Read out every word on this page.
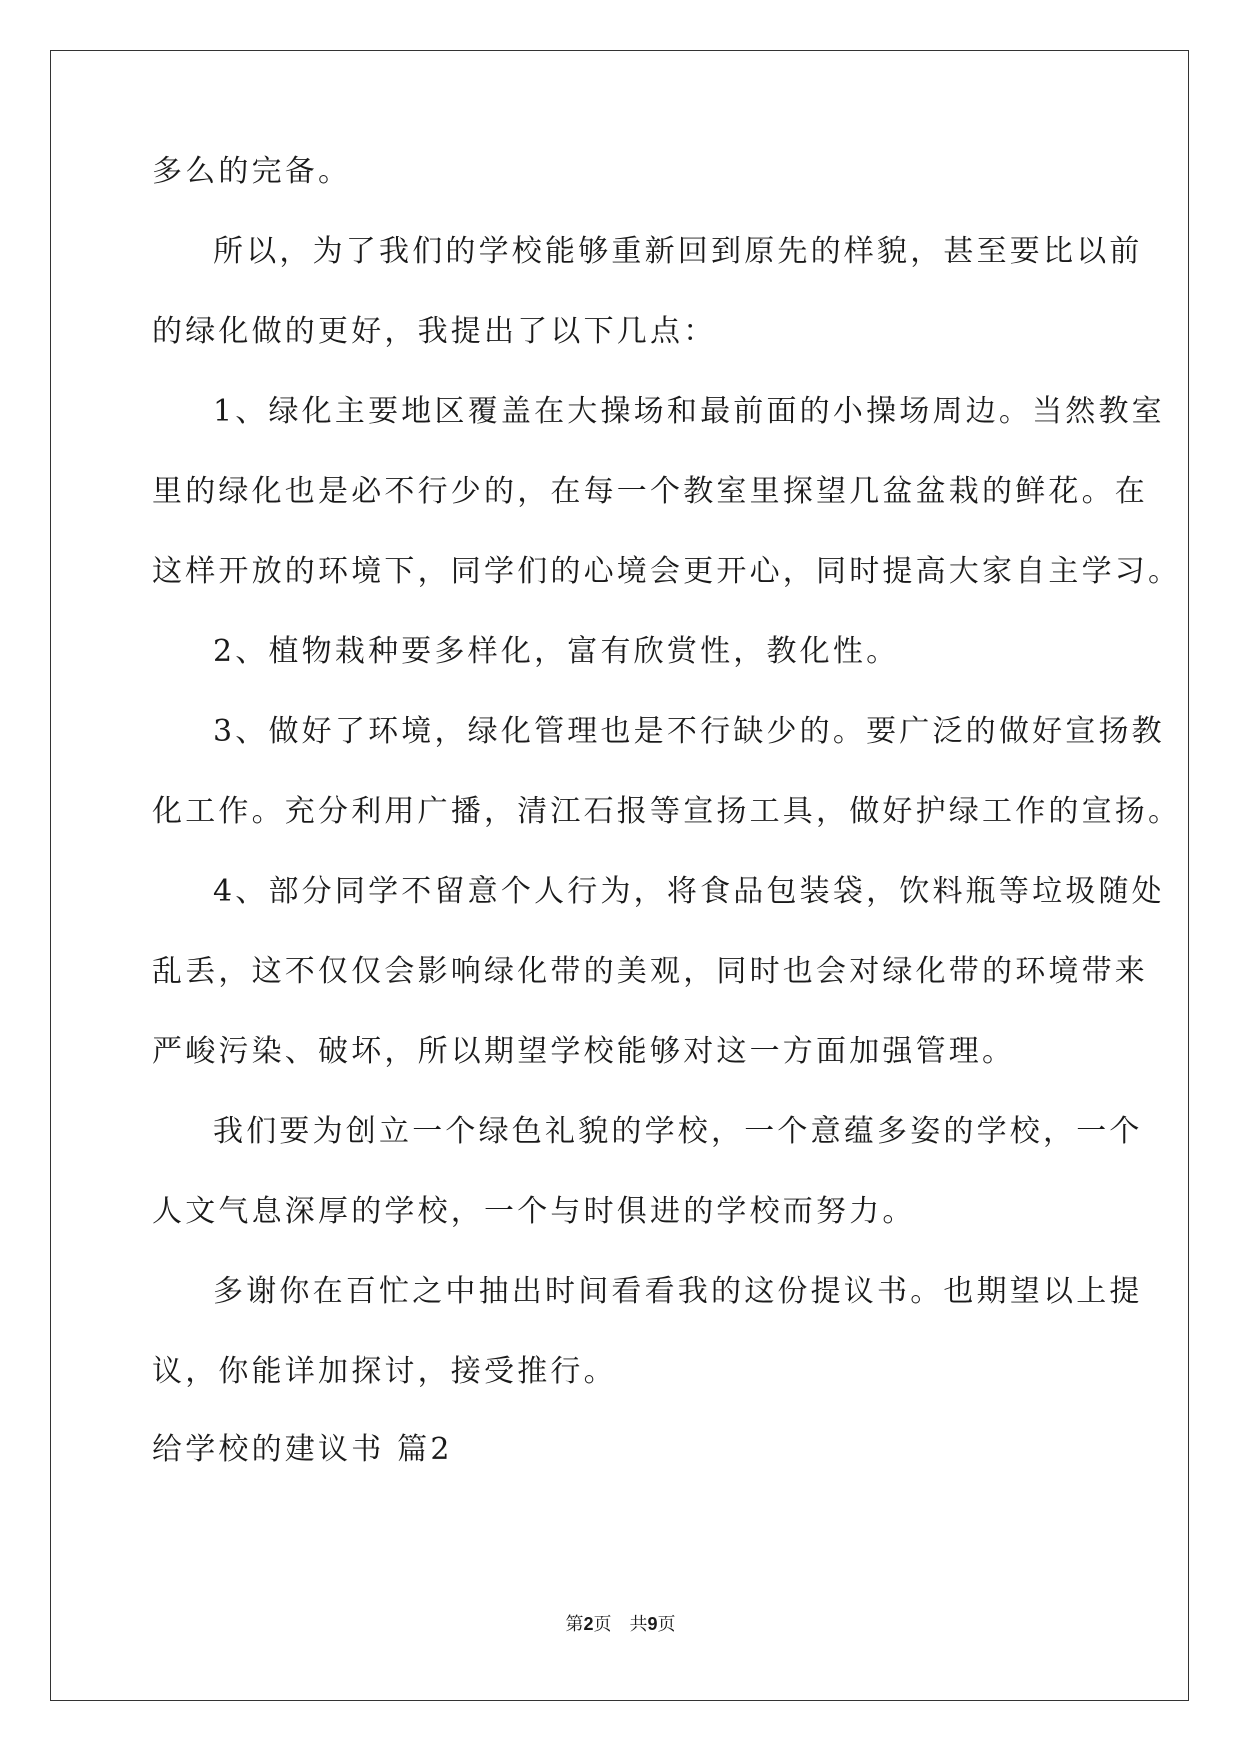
多么的完备。
所以，为了我们的学校能够重新回到原先的样貌，甚至要比以前
的绿化做的更好，我提出了以下几点：
1、绿化主要地区覆盖在大操场和最前面的小操场周边。当然教室
里的绿化也是必不行少的，在每一个教室里探望几盆盆栽的鲜花。在
这样开放的环境下，同学们的心境会更开心，同时提高大家自主学习。
2、植物栽种要多样化，富有欣赏性，教化性。
3、做好了环境，绿化管理也是不行缺少的。要广泛的做好宣扬教
化工作。充分利用广播，清江石报等宣扬工具，做好护绿工作的宣扬。
4、部分同学不留意个人行为，将食品包装袋，饮料瓶等垃圾随处
乱丢，这不仅仅会影响绿化带的美观，同时也会对绿化带的环境带来
严峻污染、破坏，所以期望学校能够对这一方面加强管理。
我们要为创立一个绿色礼貌的学校，一个意蕴多姿的学校，一个
人文气息深厚的学校，一个与时俱进的学校而努力。
多谢你在百忙之中抽出时间看看我的这份提议书。也期望以上提
议，你能详加探讨，接受推行。
给学校的建议书 篇2
第2页　共9页
